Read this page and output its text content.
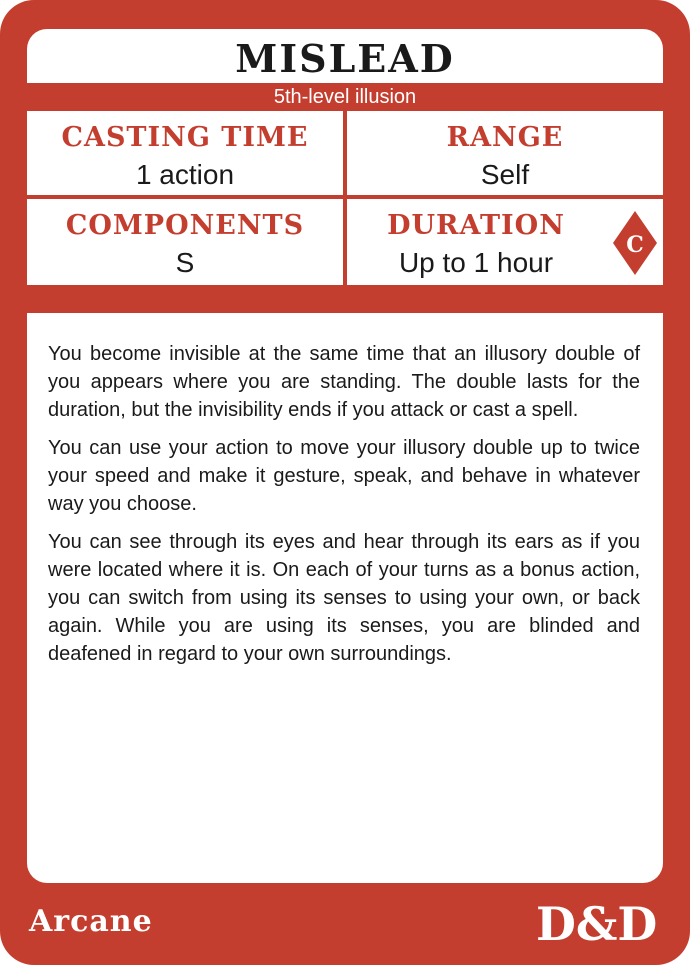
MISLEAD
5th-level illusion
CASTING TIME
1 action
RANGE
Self
COMPONENTS
S
DURATION
Up to 1 hour
C

You become invisible at the same time that an illusory double of you appears where you are standing. The double lasts for the duration, but the invisibility ends if you attack or cast a spell.

You can use your action to move your illusory double up to twice your speed and make it gesture, speak, and behave in whatever way you choose.

You can see through its eyes and hear through its ears as if you were located where it is. On each of your turns as a bonus action, you can switch from using its senses to using your own, or back again. While you are using its senses, you are blinded and deafened in regard to your own surroundings.

Arcane	D&D
